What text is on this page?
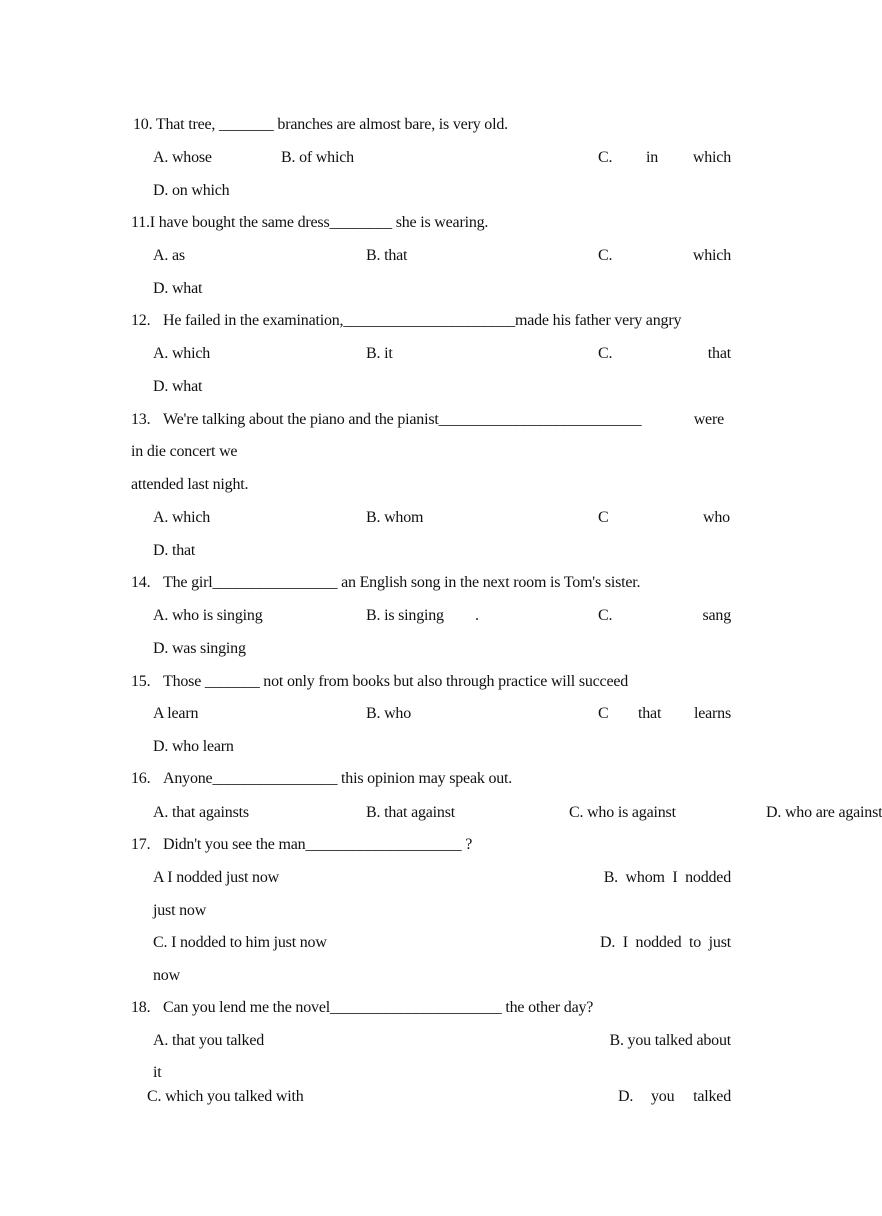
10. That tree, _______ branches are almost bare, is very old.
A. whose	B. of which	C. in	which
D. on which
11.I have bought the same dress________ she is wearing.
A. as	B. that	C.	which
D. what
12. He failed in the examination,______________________made his father very angry
A. which	B. it	C.	that
D. what
13. We're talking about the piano and the pianist__________________________	were
in die concert we
attended last night.
A. which	B. whom	C	who
D. that
14. The girl________________ an English song in the next room is Tom's sister.
A. who is singing	B. is singing .	C.	sang
D. was singing
15. Those _______ not only from books but also through practice will succeed
A learn	B. who	C that	learns
D. who learn
16. Anyone________________ this opinion may speak out.
A. that againsts	B. that against	C. who is against	D. who are against
17. Didn't you see the man____________________ ?
A I nodded just now	B.  whom  I  nodded
just now
C. I nodded to him just now	D.  I  nodded  to  just
now
18. Can you lend me the novel______________________ the other day?
A. that you talked	B. you talked about
it
C. which you talked with	D. you	talked
